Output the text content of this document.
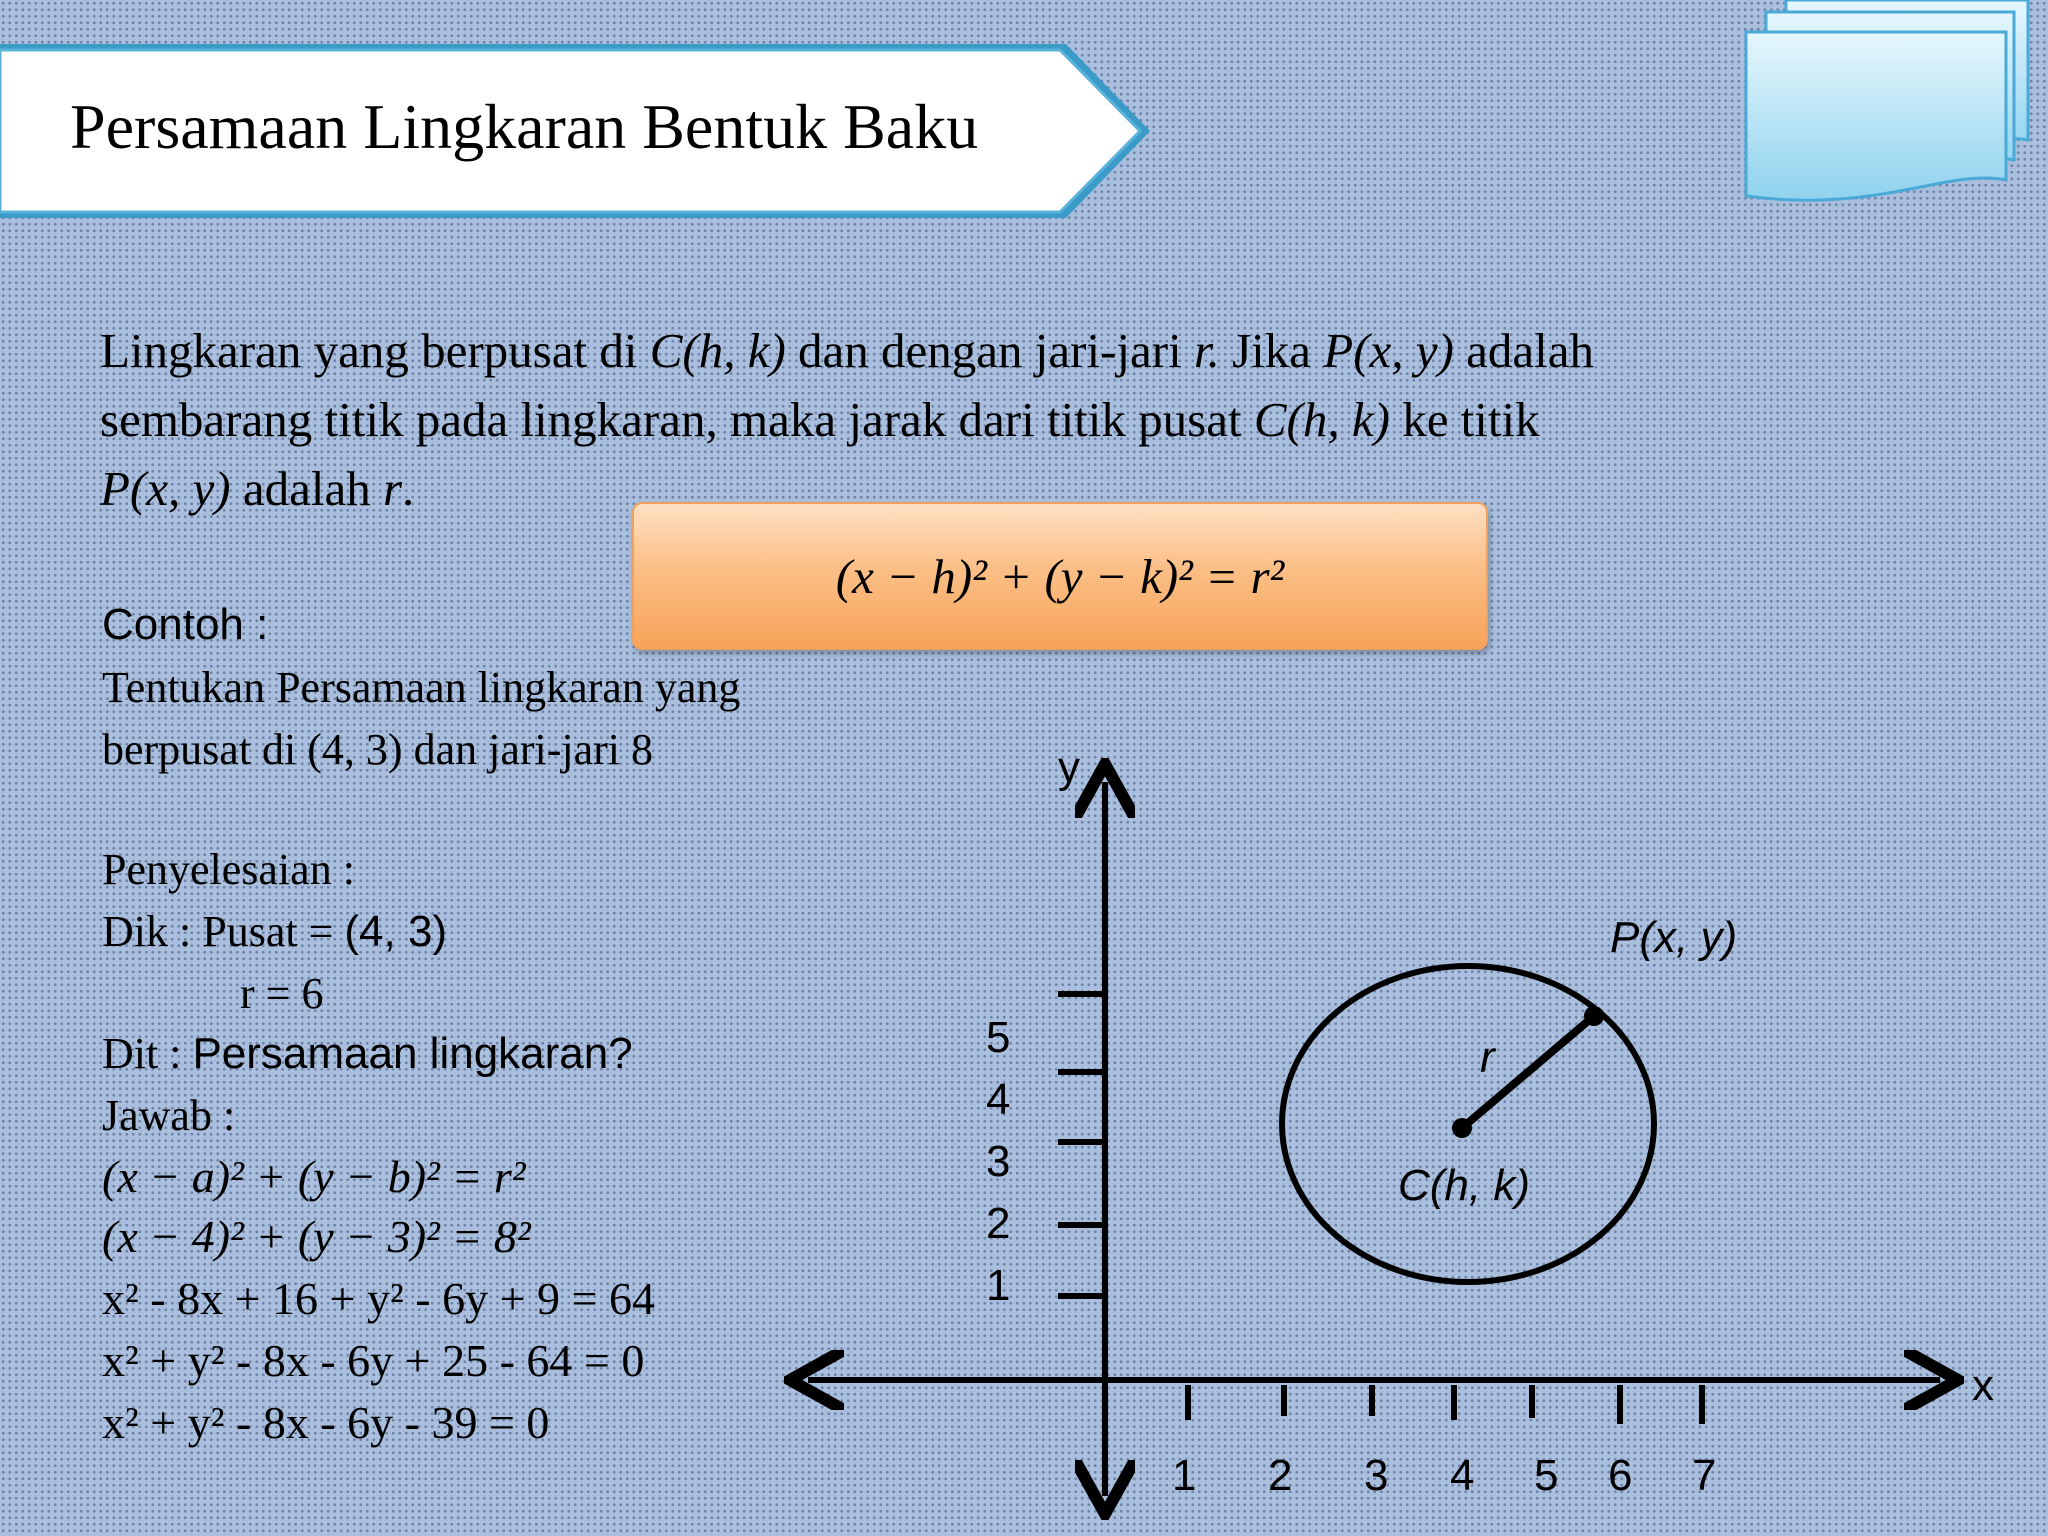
Persamaan Lingkaran Bentuk Baku
Lingkaran yang berpusat di C(h, k) dan dengan jari-jari r. Jika P(x, y) adalah
sembarang titik pada lingkaran, maka jarak dari titik pusat C(h, k) ke titik
P(x, y) adalah r.
(x − h)² + (y − k)² = r²
Contoh :
Tentukan Persamaan lingkaran yang
berpusat di (4, 3) dan jari-jari 8
Penyelesaian :
Dik : Pusat = (4, 3)
r = 6
Dit : Persamaan lingkaran?
Jawab :
(x − a)² + (y − b)² = r²
(x − 4)² + (y − 3)² = 8²
x² - 8x + 16 + y² - 6y + 9 = 64
x² + y² - 8x - 6y + 25 - 64 = 0
x² + y² - 8x - 6y - 39 = 0
x
y
1 2 3 4 5 6 7
1
2
3
4
5
C(h, k)
P(x, y)
r
